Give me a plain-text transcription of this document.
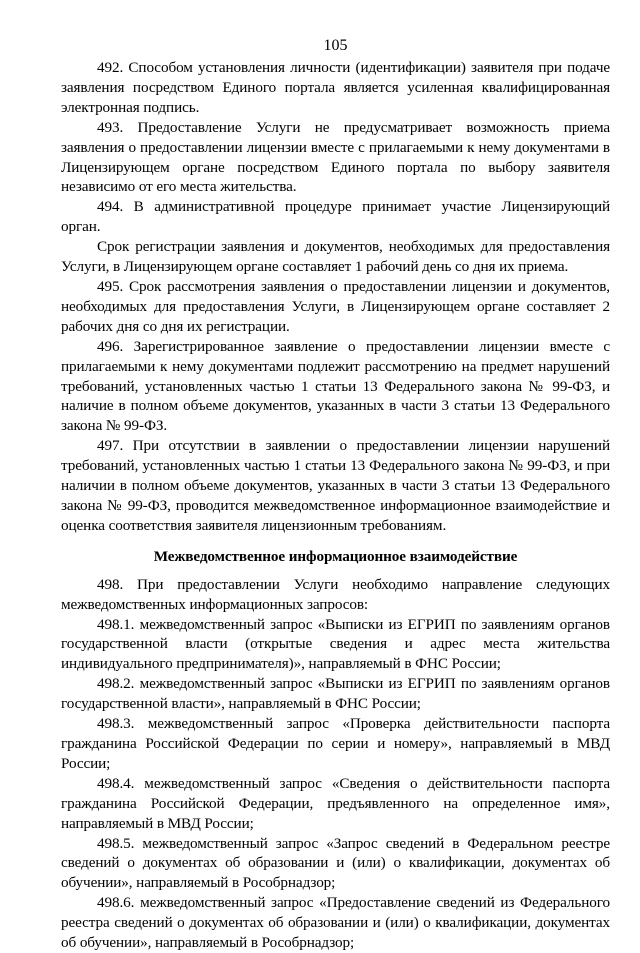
105

492. Способом установления личности (идентификации) заявителя при подаче заявления посредством Единого портала является усиленная квалифицированная электронная подпись.

493. Предоставление Услуги не предусматривает возможность приема заявления о предоставлении лицензии вместе с прилагаемыми к нему документами в Лицензирующем органе посредством Единого портала по выбору заявителя независимо от его места жительства.

494. В административной процедуре принимает участие Лицензирующий орган.

Срок регистрации заявления и документов, необходимых для предоставления Услуги, в Лицензирующем органе составляет 1 рабочий день со дня их приема.

495. Срок рассмотрения заявления о предоставлении лицензии и документов, необходимых для предоставления Услуги, в Лицензирующем органе составляет 2 рабочих дня со дня их регистрации.

496. Зарегистрированное заявление о предоставлении лицензии вместе с прилагаемыми к нему документами подлежит рассмотрению на предмет нарушений требований, установленных частью 1 статьи 13 Федерального закона № 99-ФЗ, и наличие в полном объеме документов, указанных в части 3 статьи 13 Федерального закона № 99-ФЗ.

497. При отсутствии в заявлении о предоставлении лицензии нарушений требований, установленных частью 1 статьи 13 Федерального закона № 99-ФЗ, и при наличии в полном объеме документов, указанных в части 3 статьи 13 Федерального закона № 99-ФЗ, проводится межведомственное информационное взаимодействие и оценка соответствия заявителя лицензионным требованиям.

Межведомственное информационное взаимодействие

498. При предоставлении Услуги необходимо направление следующих межведомственных информационных запросов:

498.1. межведомственный запрос «Выписки из ЕГРИП по заявлениям органов государственной власти (открытые сведения и адрес места жительства индивидуального предпринимателя)», направляемый в ФНС России;

498.2. межведомственный запрос «Выписки из ЕГРИП по заявлениям органов государственной власти», направляемый в ФНС России;

498.3. межведомственный запрос «Проверка действительности паспорта гражданина Российской Федерации по серии и номеру», направляемый в МВД России;

498.4. межведомственный запрос «Сведения о действительности паспорта гражданина Российской Федерации, предъявленного на определенное имя», направляемый в МВД России;

498.5. межведомственный запрос «Запрос сведений в Федеральном реестре сведений о документах об образовании и (или) о квалификации, документах об обучении», направляемый в Рособрнадзор;

498.6. межведомственный запрос «Предоставление сведений из Федерального реестра сведений о документах об образовании и (или) о квалификации, документах об обучении», направляемый в Рособрнадзор;
